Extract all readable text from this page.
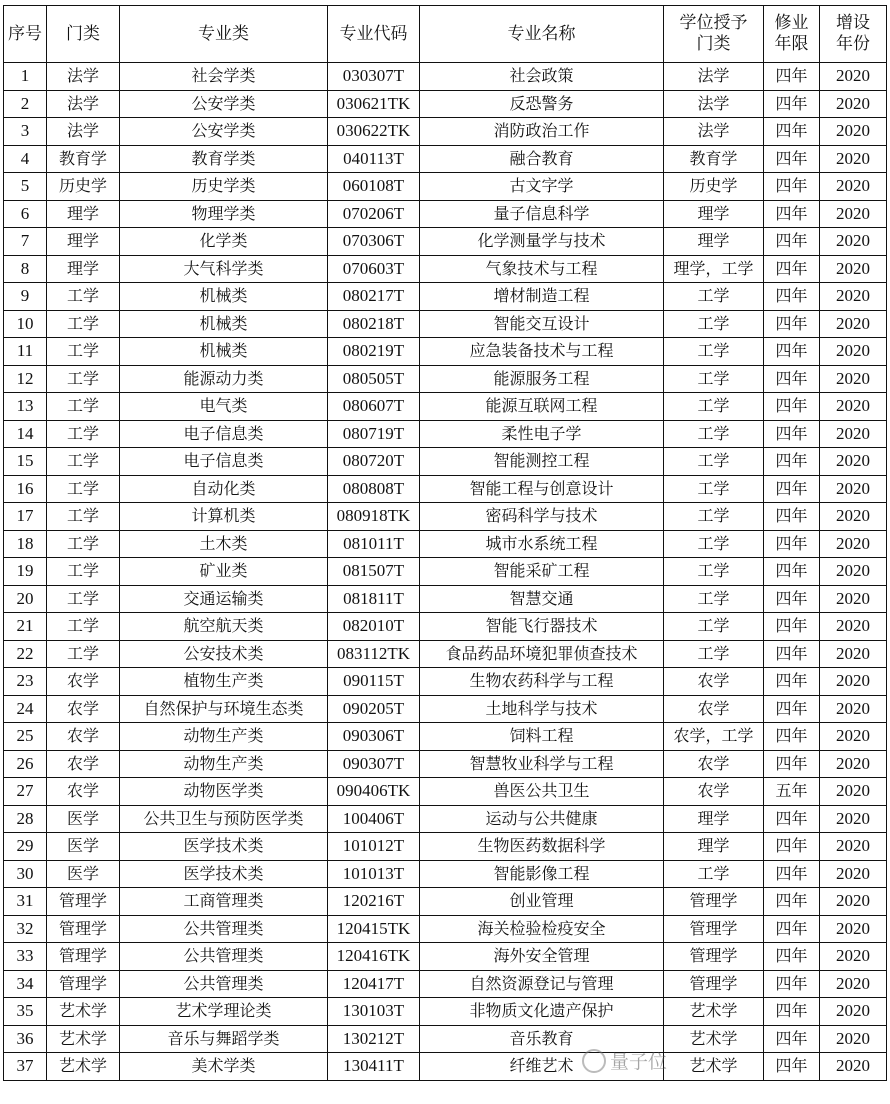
序号	门类	专业类	专业代码	专业名称	学位授予门类	修业年限	增设年份
1	法学	社会学类	030307T	社会政策	法学	四年	2020
2	法学	公安学类	030621TK	反恐警务	法学	四年	2020
3	法学	公安学类	030622TK	消防政治工作	法学	四年	2020
4	教育学	教育学类	040113T	融合教育	教育学	四年	2020
5	历史学	历史学类	060108T	古文字学	历史学	四年	2020
6	理学	物理学类	070206T	量子信息科学	理学	四年	2020
7	理学	化学类	070306T	化学测量学与技术	理学	四年	2020
8	理学	大气科学类	070603T	气象技术与工程	理学，工学	四年	2020
9	工学	机械类	080217T	增材制造工程	工学	四年	2020
10	工学	机械类	080218T	智能交互设计	工学	四年	2020
11	工学	机械类	080219T	应急装备技术与工程	工学	四年	2020
12	工学	能源动力类	080505T	能源服务工程	工学	四年	2020
13	工学	电气类	080607T	能源互联网工程	工学	四年	2020
14	工学	电子信息类	080719T	柔性电子学	工学	四年	2020
15	工学	电子信息类	080720T	智能测控工程	工学	四年	2020
16	工学	自动化类	080808T	智能工程与创意设计	工学	四年	2020
17	工学	计算机类	080918TK	密码科学与技术	工学	四年	2020
18	工学	土木类	081011T	城市水系统工程	工学	四年	2020
19	工学	矿业类	081507T	智能采矿工程	工学	四年	2020
20	工学	交通运输类	081811T	智慧交通	工学	四年	2020
21	工学	航空航天类	082010T	智能飞行器技术	工学	四年	2020
22	工学	公安技术类	083112TK	食品药品环境犯罪侦查技术	工学	四年	2020
23	农学	植物生产类	090115T	生物农药科学与工程	农学	四年	2020
24	农学	自然保护与环境生态类	090205T	土地科学与技术	农学	四年	2020
25	农学	动物生产类	090306T	饲料工程	农学，工学	四年	2020
26	农学	动物生产类	090307T	智慧牧业科学与工程	农学	四年	2020
27	农学	动物医学类	090406TK	兽医公共卫生	农学	五年	2020
28	医学	公共卫生与预防医学类	100406T	运动与公共健康	理学	四年	2020
29	医学	医学技术类	101012T	生物医药数据科学	理学	四年	2020
30	医学	医学技术类	101013T	智能影像工程	工学	四年	2020
31	管理学	工商管理类	120216T	创业管理	管理学	四年	2020
32	管理学	公共管理类	120415TK	海关检验检疫安全	管理学	四年	2020
33	管理学	公共管理类	120416TK	海外安全管理	管理学	四年	2020
34	管理学	公共管理类	120417T	自然资源登记与管理	管理学	四年	2020
35	艺术学	艺术学理论类	130103T	非物质文化遗产保护	艺术学	四年	2020
36	艺术学	音乐与舞蹈学类	130212T	音乐教育	艺术学	四年	2020
37	艺术学	美术学类	130411T	纤维艺术	艺术学	四年	2020
量子位
